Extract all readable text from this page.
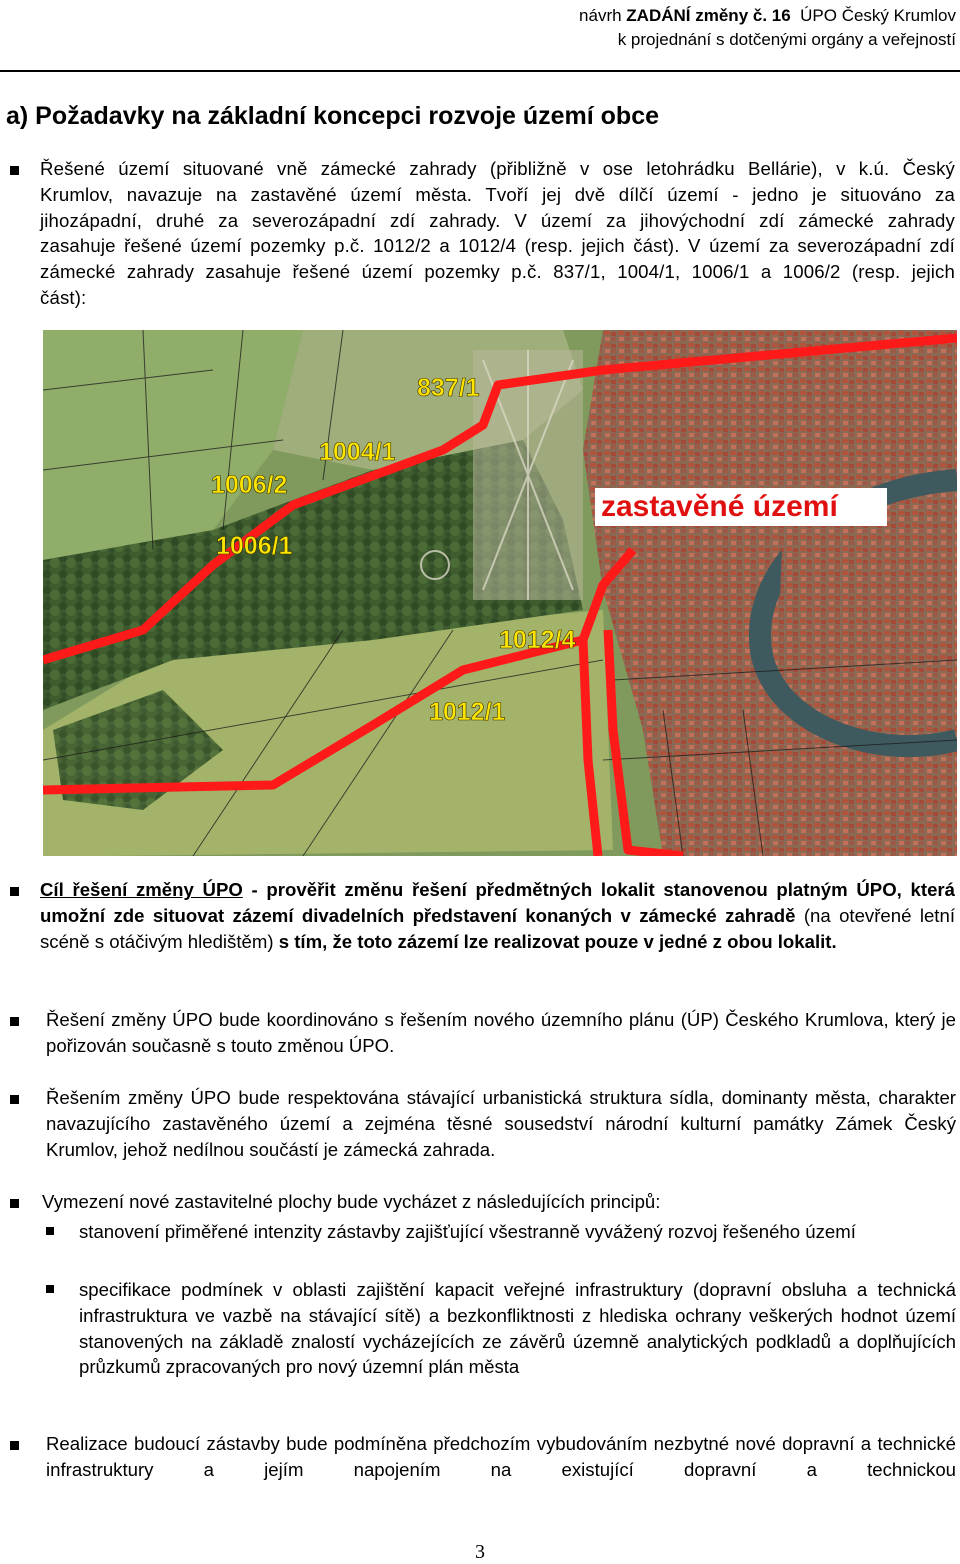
návrh ZADÁNÍ změny č. 16  ÚPO Český Krumlov
k projednání s dotčenými orgány a veřejností
a) Požadavky na základní koncepci rozvoje území obce
Řešené území situované vně zámecké zahrady (přibližně v ose letohrádku Bellárie), v k.ú. Český Krumlov, navazuje na zastavěné území města. Tvoří jej dvě dílčí území - jedno je situováno za jihozápadní, druhé za severozápadní zdí zahrady. V území za jihovýchodní zdí zámecké zahrady zasahuje řešené území pozemky p.č. 1012/2 a 1012/4 (resp. jejich část). V území za severozápadní zdí zámecké zahrady zasahuje řešené území pozemky p.č. 837/1, 1004/1, 1006/1 a 1006/2 (resp. jejich část):
837/1
1004/1
1006/2
1006/1
1012/4
1012/1
zastavěné území
Cíl řešení změny ÚPO - prověřit změnu řešení předmětných lokalit stanovenou platným ÚPO, která umožní zde situovat zázemí divadelních představení konaných v zámecké zahradě (na otevřené letní scéně s otáčivým hledištěm) s tím, že toto zázemí lze realizovat pouze v jedné z obou lokalit.
Řešení změny ÚPO bude koordinováno s řešením nového územního plánu (ÚP) Českého Krumlova, který je pořizován současně s touto změnou ÚPO.
Řešením změny ÚPO bude respektována stávající urbanistická struktura sídla, dominanty města, charakter navazujícího zastavěného území a zejména těsné sousedství národní kulturní památky Zámek Český Krumlov, jehož nedílnou součástí je zámecká zahrada.
Vymezení nové zastavitelné plochy bude vycházet z následujících principů:
stanovení přiměřené intenzity zástavby zajišťující všestranně vyvážený rozvoj řešeného území
specifikace podmínek v oblasti zajištění kapacit veřejné infrastruktury (dopravní obsluha a technická infrastruktura ve vazbě na stávající sítě) a bezkonfliktnosti z hlediska ochrany veškerých hodnot území stanovených na základě znalostí vycházejících ze závěrů územně analytických podkladů a doplňujících průzkumů zpracovaných pro nový územní plán města
Realizace budoucí zástavby bude podmíněna předchozím vybudováním nezbytné nové dopravní a technické infrastruktury a jejím napojením na existující dopravní a technickou
3
